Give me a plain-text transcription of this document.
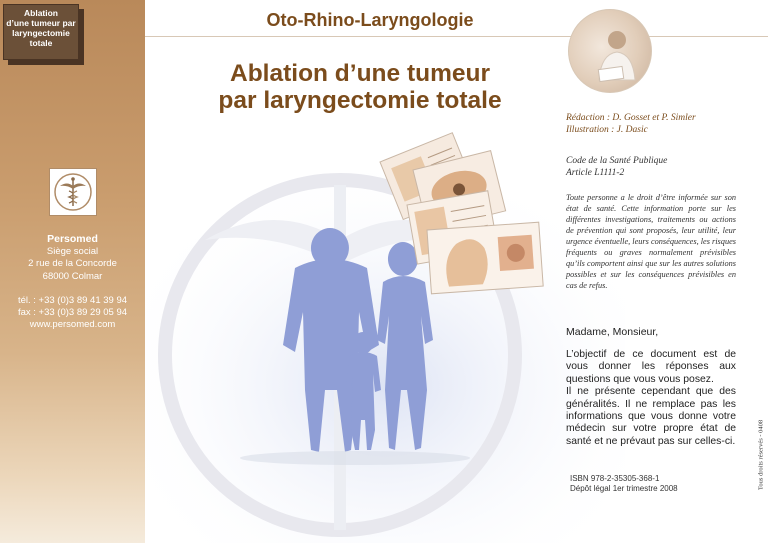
Ablation
d’une tumeur par
laryngectomie
totale
Persomed
Siège social
2 rue de la Concorde
68000 Colmar
tél. : +33 (0)3 89 41 39 94
fax : +33 (0)3 89 29 05 94
www.persomed.com
Oto-Rhino-Laryngologie
Ablation d’une tumeur
par laryngectomie totale
Rédaction : D. Gosset et P. Simler
Illustration : J. Dasic
Code de la Santé Publique
Article L1111-2
Toute personne a le droit d’être informée sur son état de santé. Cette information porte sur les différentes investigations, traitements ou actions de prévention qui sont proposés, leur utilité, leur urgence éventuelle, leurs conséquences, les risques fréquents ou graves normalement prévisibles qu’ils comportent ainsi que sur les autres solutions possibles et sur les conséquences prévisibles en cas de refus.
Madame, Monsieur,
L’objectif de ce document est de vous donner les réponses aux questions que vous vous posez.
Il ne présente cependant que des généralités. Il ne remplace pas les informations que vous donne votre médecin sur votre propre état de santé et ne prévaut pas sur celles-ci.
ISBN 978-2-35305-368-1
Dépôt légal 1er trimestre 2008	Tous droits réservés - 0408
